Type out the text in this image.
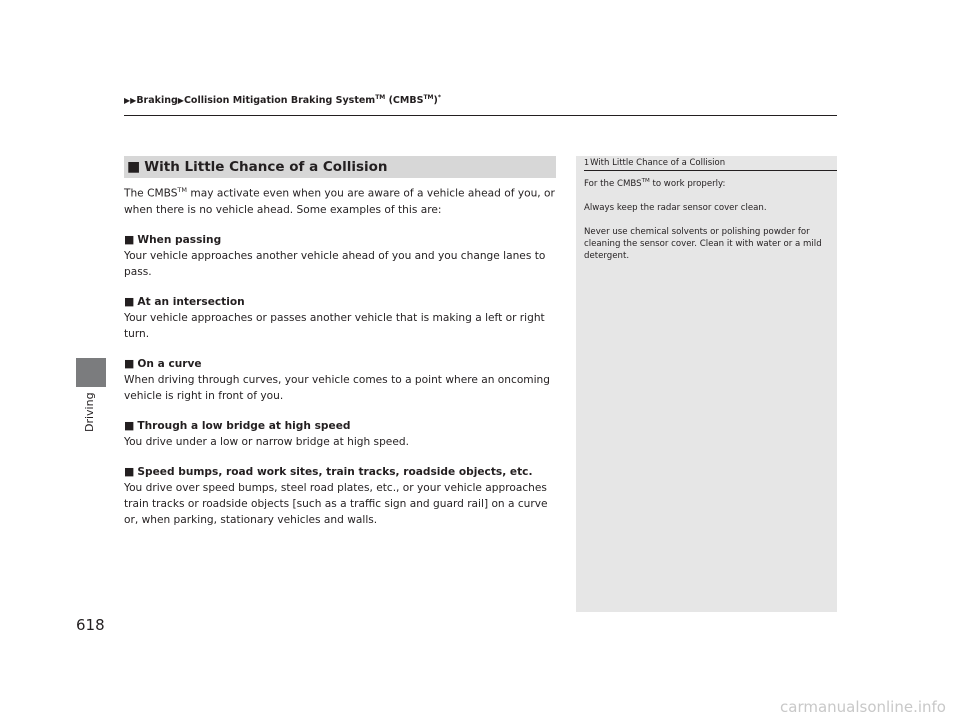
▶▶Braking▶Collision Mitigation Braking System™ (CMBS™)*
Driving
618
■ With Little Chance of a Collision

The CMBS™ may activate even when you are aware of a vehicle ahead of you, or when there is no vehicle ahead. Some examples of this are:

■ When passing

Your vehicle approaches another vehicle ahead of you and you change lanes to pass.

■ At an intersection

Your vehicle approaches or passes another vehicle that is making a left or right turn.

■ On a curve

When driving through curves, your vehicle comes to a point where an oncoming vehicle is right in front of you.

■ Through a low bridge at high speed

You drive under a low or narrow bridge at high speed.

■ Speed bumps, road work sites, train tracks, roadside objects, etc.

You drive over speed bumps, steel road plates, etc., or your vehicle approaches train tracks or roadside objects [such as a traffic sign and guard rail] on a curve or, when parking, stationary vehicles and walls.

1With Little Chance of a Collision

For the CMBS™ to work properly:

Always keep the radar sensor cover clean.

Never use chemical solvents or polishing powder for cleaning the sensor cover. Clean it with water or a mild detergent.

carmanualsonline.info
